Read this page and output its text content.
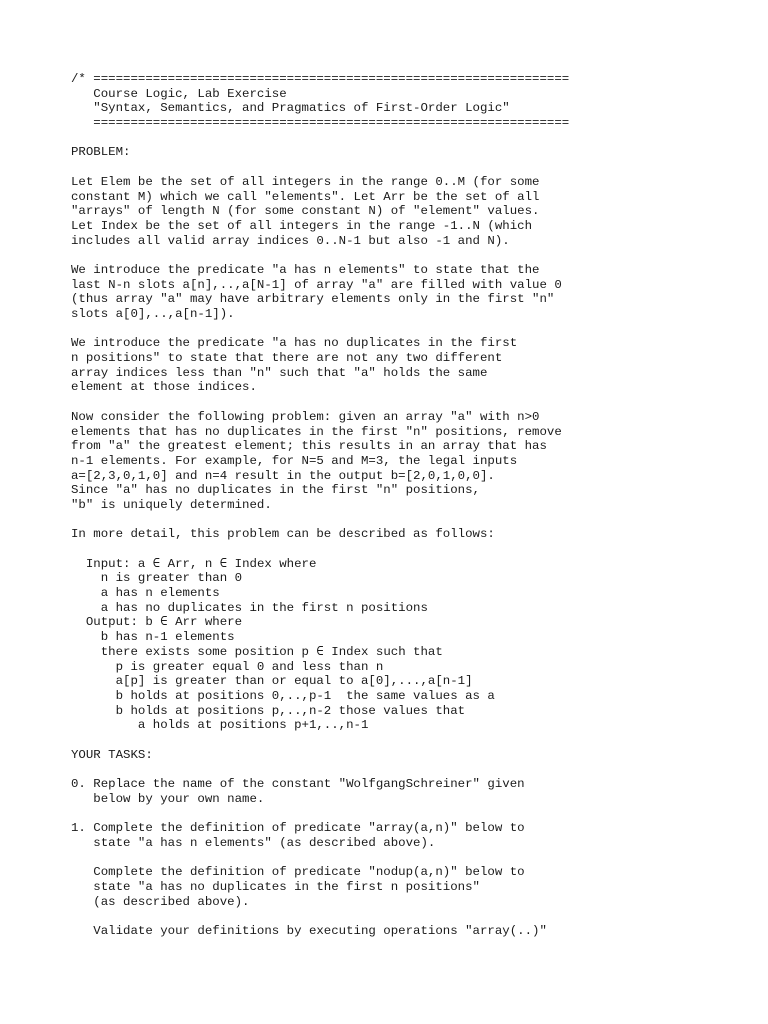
/* ================================================================
Course Logic, Lab Exercise
"Syntax, Semantics, and Pragmatics of First-Order Logic"
================================================================
PROBLEM:
Let Elem be the set of all integers in the range 0..M (for some
constant M) which we call "elements". Let Arr be the set of all
"arrays" of length N (for some constant N) of "element" values.
Let Index be the set of all integers in the range -1..N (which
includes all valid array indices 0..N-1 but also -1 and N).
We introduce the predicate "a has n elements" to state that the
last N-n slots a[n],..,a[N-1] of array "a" are filled with value 0
(thus array "a" may have arbitrary elements only in the first "n"
slots a[0],..,a[n-1]).
We introduce the predicate "a has no duplicates in the first
n positions" to state that there are not any two different
array indices less than "n" such that "a" holds the same
element at those indices.
Now consider the following problem: given an array "a" with n>0
elements that has no duplicates in the first "n" positions, remove
from "a" the greatest element; this results in an array that has
n-1 elements. For example, for N=5 and M=3, the legal inputs
a=[2,3,0,1,0] and n=4 result in the output b=[2,0,1,0,0].
Since "a" has no duplicates in the first "n" positions,
"b" is uniquely determined.
In more detail, this problem can be described as follows:
Input: a ∈ Arr, n ∈ Index where
n is greater than 0
a has n elements
a has no duplicates in the first n positions
Output: b ∈ Arr where
b has n-1 elements
there exists some position p ∈ Index such that
p is greater equal 0 and less than n
a[p] is greater than or equal to a[0],...,a[n-1]
b holds at positions 0,..,p-1  the same values as a
b holds at positions p,..,n-2 those values that
a holds at positions p+1,..,n-1
YOUR TASKS:
0. Replace the name of the constant "WolfgangSchreiner" given
below by your own name.
1. Complete the definition of predicate "array(a,n)" below to
state "a has n elements" (as described above).
Complete the definition of predicate "nodup(a,n)" below to
state "a has no duplicates in the first n positions"
(as described above).
Validate your definitions by executing operations "array(..)"
